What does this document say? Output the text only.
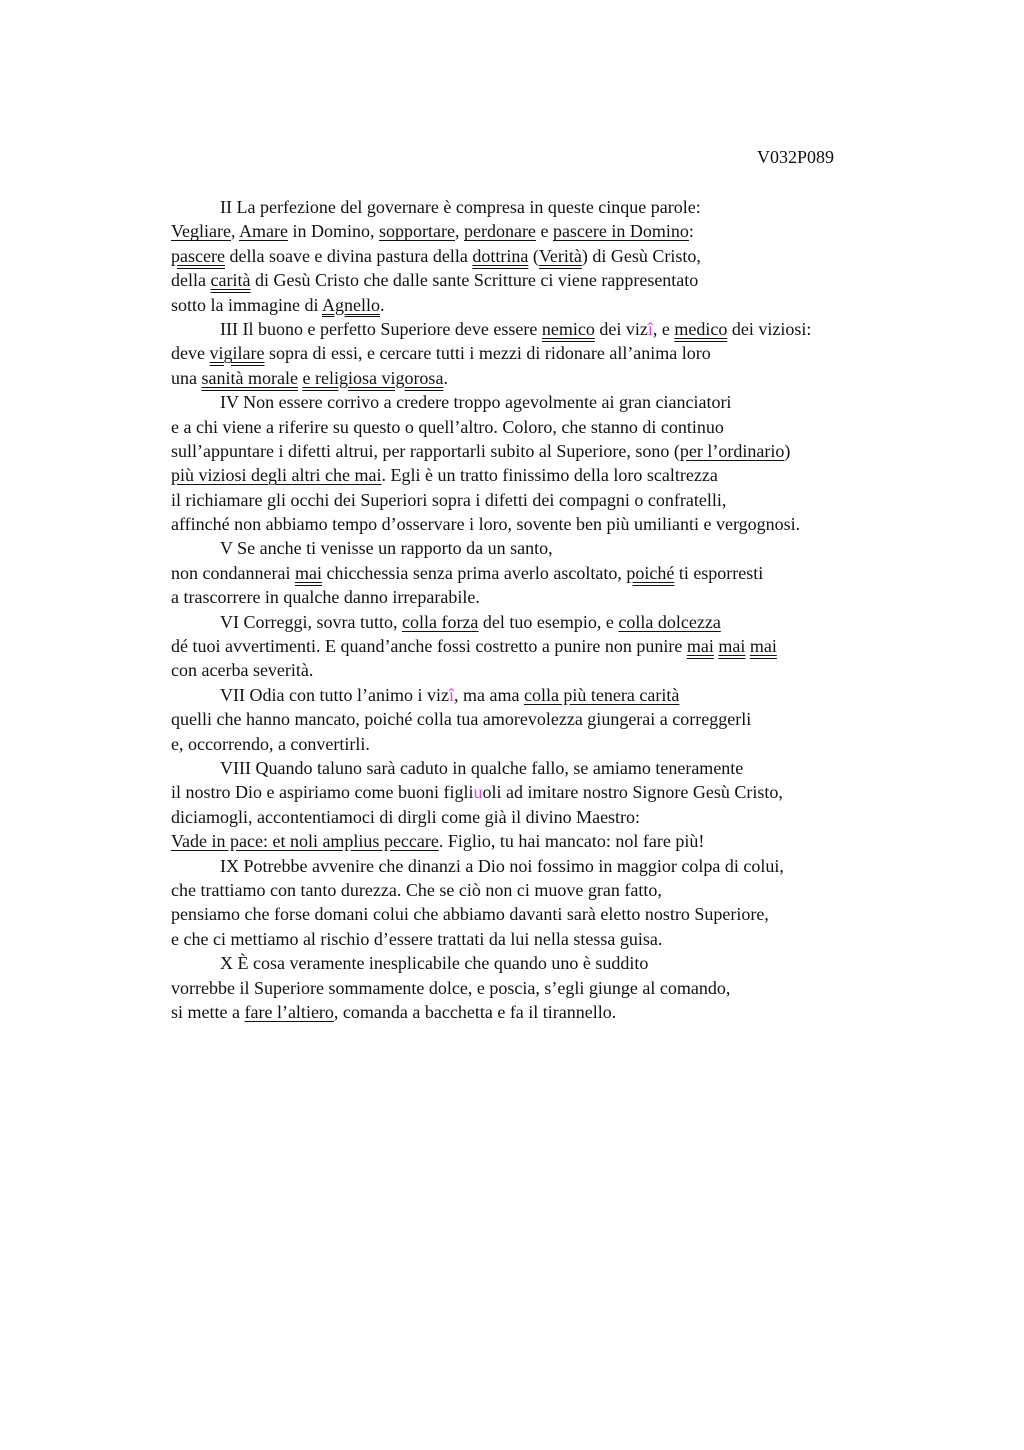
V032P089
II La perfezione del governare è compresa in queste cinque parole:
Vegliare, Amare in Domino, sopportare, perdonare e pascere in Domino:
pascere della soave e divina pastura della dottrina (Verità) di Gesù Cristo,
della carità di Gesù Cristo che dalle sante Scritture ci viene rappresentato
sotto la immagine di Agnello.
III Il buono e perfetto Superiore deve essere nemico dei vizî, e medico dei viziosi:
deve vigilare sopra di essi, e cercare tutti i mezzi di ridonare all’anima loro
una sanità morale e religiosa vigorosa.
IV Non essere corrivo a credere troppo agevolmente ai gran cianciatori
e a chi viene a riferire su questo o quell’altro. Coloro, che stanno di continuo
sull’appuntare i difetti altrui, per rapportarli subito al Superiore, sono (per l’ordinario)
più viziosi degli altri che mai. Egli è un tratto finissimo della loro scaltrezza
il richiamare gli occhi dei Superiori sopra i difetti dei compagni o confratelli,
affinché non abbiamo tempo d’osservare i loro, sovente ben più umilianti e vergognosi.
V Se anche ti venisse un rapporto da un santo,
non condannerai mai chicchessia senza prima averlo ascoltato, poiché ti esporresti
a trascorrere in qualche danno irreparabile.
VI Correggi, sovra tutto, colla forza del tuo esempio, e colla dolcezza
dé tuoi avvertimenti. E quand’anche fossi costretto a punire non punire mai mai mai
con acerba severità.
VII Odia con tutto l’animo i vizî, ma ama colla più tenera carità
quelli che hanno mancato, poiché colla tua amorevolezza giungerai a correggerli
e, occorrendo, a convertirli.
VIII Quando taluno sarà caduto in qualche fallo, se amiamo teneramente
il nostro Dio e aspiriamo come buoni figliuoli ad imitare nostro Signore Gesù Cristo,
diciamogli, accontentiamoci di dirgli come già il divino Maestro:
Vade in pace: et noli amplius peccare. Figlio, tu hai mancato: nol fare più!
IX Potrebbe avvenire che dinanzi a Dio noi fossimo in maggior colpa di colui,
che trattiamo con tanto durezza. Che se ciò non ci muove gran fatto,
pensiamo che forse domani colui che abbiamo davanti sarà eletto nostro Superiore,
e che ci mettiamo al rischio d’essere trattati da lui nella stessa guisa.
X È cosa veramente inesplicabile che quando uno è suddito
vorrebbe il Superiore sommamente dolce, e poscia, s’egli giunge al comando,
si mette a fare l’altiero, comanda a bacchetta e fa il tirannello.
